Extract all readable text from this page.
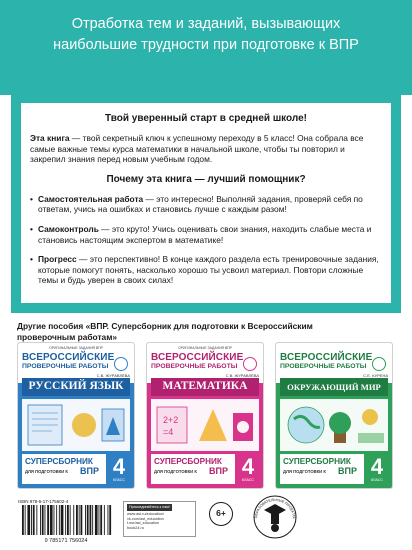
Отработка тем и заданий, вызывающих наибольшие трудности при подготовке к ВПР
Твой уверенный старт в средней школе!
Эта книга — твой секретный ключ к успешному переходу в 5 класс! Она собрала все самые важные темы курса математики в начальной школе, чтобы ты повторил и закрепил знания перед новым учебным годом.
Почему эта книга — лучший помощник?
• Самостоятельная работа — это интересно! Выполняй задания, проверяй себя по ответам, учись на ошибках и становись лучше с каждым разом!
• Самоконтроль — это круто! Учись оценивать свои знания, находить слабые места и становись настоящим экспертом в математике!
• Прогресс — это перспективно! В конце каждого раздела есть тренировочные задания, которые помогут понять, насколько хорошо ты усвоил материал. Повтори сложные темы и будь уверен в своих силах!
Другие пособия «ВПР. Суперсборник для подготовки к Всероссийским проверочным работам»
ОРИГИНАЛЬНЫЕ ЗАДАНИЯ ВПР
ВСЕРОССИЙСКИЕ
ПРОВЕРОЧНЫЕ РАБОТЫ
С.В. ЖУРАВЛЁВА
РУССКИЙ ЯЗЫК
СУПЕРСБОРНИК
ДЛЯ ПОДГОТОВКИ К ВПР 4
КЛАСС
ОРИГИНАЛЬНЫЕ ЗАДАНИЯ ВПР
ВСЕРОССИЙСКИЕ
ПРОВЕРОЧНЫЕ РАБОТЫ
С.В. ЖУРАВЛЁВА
МАТЕМАТИКА
2+2
=4
СУПЕРСБОРНИК
ДЛЯ ПОДГОТОВКИ К ВПР 4
КЛАСС
ВСЕРОССИЙСКИЕ
ПРОВЕРОЧНЫЕ РАБОТЫ
С.Е. КУРЕНА
ОКРУЖАЮЩИЙ МИР
СУПЕРСБОРНИК
ДЛЯ ПОДГОТОВКИ К ВПР 4
КЛАСС
ISBN 978-5-17-175602-4
9 785171 756024
Присоединяйтесь к нам!
www.ast.ru/education/
vk.com/ast_education
t.me/ast_education
book24.ru
6+	ОБРАЗОВАТЕЛЬНЫЕ ПРОЕКТЫ
